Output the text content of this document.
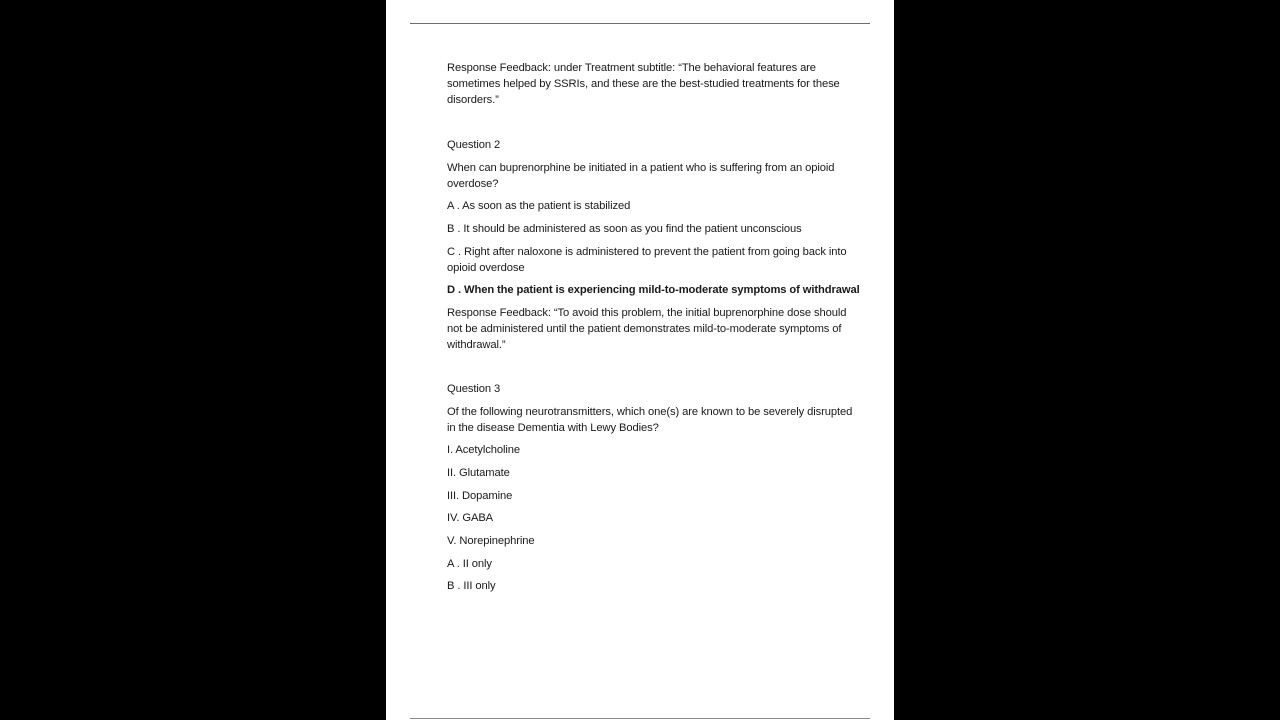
Response Feedback: under Treatment subtitle: “The behavioral features are sometimes helped by SSRIs, and these are the best-studied treatments for these disorders.”

Question 2

When can buprenorphine be initiated in a patient who is suffering from an opioid overdose?

A . As soon as the patient is stabilized

B . It should be administered as soon as you find the patient unconscious

C . Right after naloxone is administered to prevent the patient from going back into opioid overdose

D . When the patient is experiencing mild-to-moderate symptoms of withdrawal

Response Feedback: “To avoid this problem, the initial buprenorphine dose should not be administered until the patient demonstrates mild-to-moderate symptoms of withdrawal.”

Question 3

Of the following neurotransmitters, which one(s) are known to be severely disrupted in the disease Dementia with Lewy Bodies?

I. Acetylcholine

II. Glutamate

III. Dopamine

IV. GABA

V. Norepinephrine

A . II only

B . III only
